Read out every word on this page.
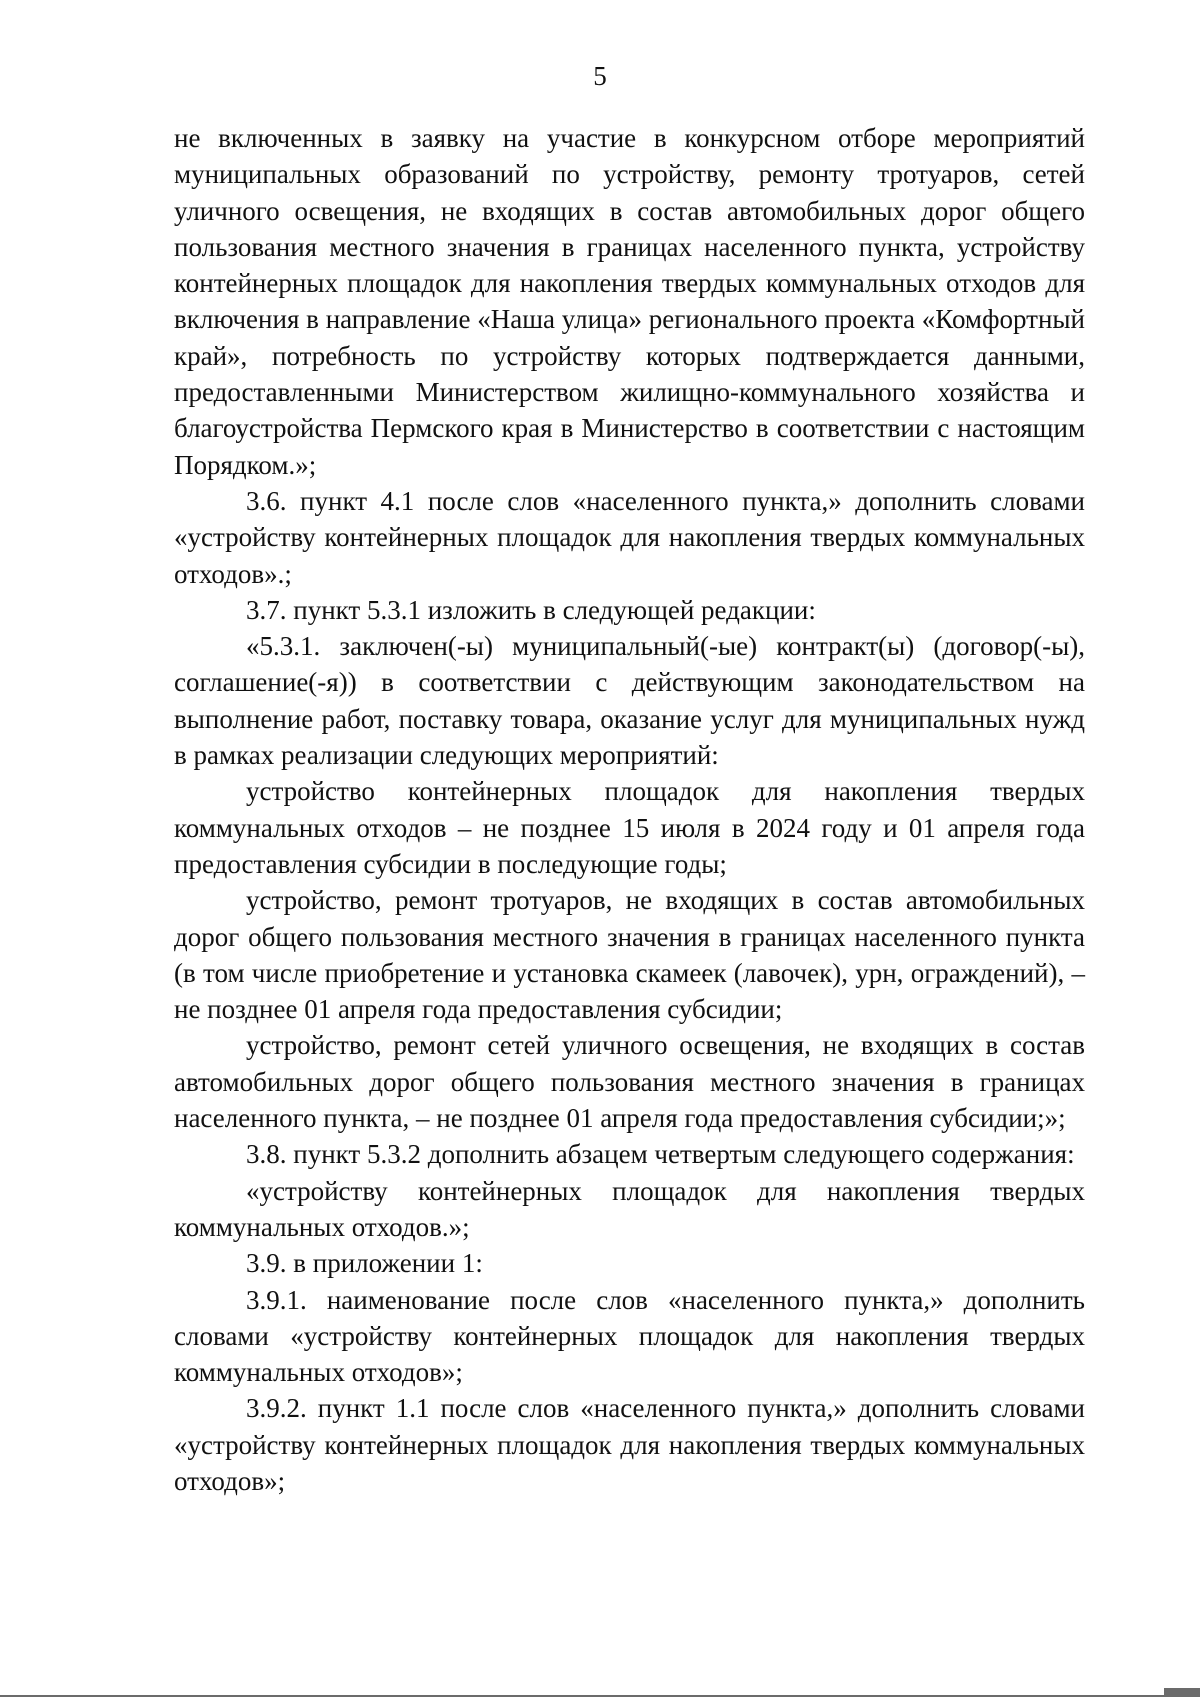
5

не включенных в заявку на участие в конкурсном отборе мероприятий муниципальных образований по устройству, ремонту тротуаров, сетей уличного освещения, не входящих в состав автомобильных дорог общего пользования местного значения в границах населенного пункта, устройству контейнерных площадок для накопления твердых коммунальных отходов для включения в направление «Наша улица» регионального проекта «Комфортный край», потребность по устройству которых подтверждается данными, предоставленными Министерством жилищно-коммунального хозяйства и благоустройства Пермского края в Министерство в соответствии с настоящим Порядком.»;

3.6. пункт 4.1 после слов «населенного пункта,» дополнить словами «устройству контейнерных площадок для накопления твердых коммунальных отходов».;

3.7. пункт 5.3.1 изложить в следующей редакции:

«5.3.1. заключен(-ы) муниципальный(-ые) контракт(ы) (договор(-ы), соглашение(-я)) в соответствии с действующим законодательством на выполнение работ, поставку товара, оказание услуг для муниципальных нужд в рамках реализации следующих мероприятий:

устройство контейнерных площадок для накопления твердых коммунальных отходов – не позднее 15 июля в 2024 году и 01 апреля года предоставления субсидии в последующие годы;

устройство, ремонт тротуаров, не входящих в состав автомобильных дорог общего пользования местного значения в границах населенного пункта (в том числе приобретение и установка скамеек (лавочек), урн, ограждений), – не позднее 01 апреля года предоставления субсидии;

устройство, ремонт сетей уличного освещения, не входящих в состав автомобильных дорог общего пользования местного значения в границах населенного пункта, – не позднее 01 апреля года предоставления субсидии;»;

3.8. пункт 5.3.2 дополнить абзацем четвертым следующего содержания:

«устройству контейнерных площадок для накопления твердых коммунальных отходов.»;

3.9. в приложении 1:

3.9.1. наименование после слов «населенного пункта,» дополнить словами «устройству контейнерных площадок для накопления твердых коммунальных отходов»;

3.9.2. пункт 1.1 после слов «населенного пункта,» дополнить словами «устройству контейнерных площадок для накопления твердых коммунальных отходов»;
